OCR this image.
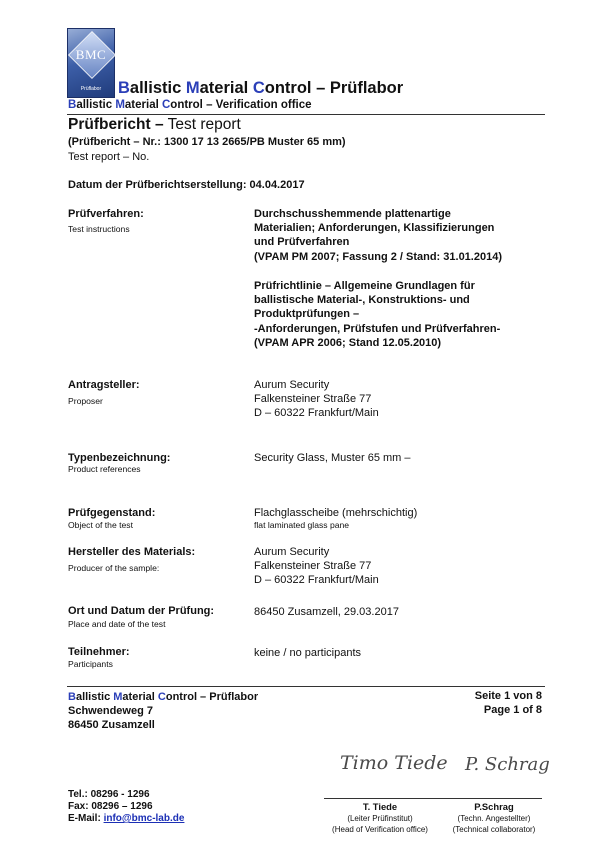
BMC
Prüflabor	Ballistic Material Control – Prüflabor
Ballistic Material Control – Verification office
Prüfbericht – Test report
(Prüfbericht – Nr.: 1300 17 13 2665/PB Muster 65 mm)
Test report – No.
Datum der Prüfberichtserstellung: 04.04.2017
Prüfverfahren:
Test instructions
Durchschusshemmende plattenartige
Materialien; Anforderungen, Klassifizierungen
und Prüfverfahren
(VPAM PM 2007; Fassung 2 / Stand: 31.01.2014)
Prüfrichtlinie – Allgemeine Grundlagen für
ballistische Material-, Konstruktions- und
Produktprüfungen –
-Anforderungen, Prüfstufen und Prüfverfahren-
(VPAM APR 2006; Stand 12.05.2010)
Antragsteller:
Proposer
Aurum Security
Falkensteiner Straße 77
D – 60322 Frankfurt/Main
Typenbezeichnung:
Product references
Security Glass, Muster 65 mm –
Prüfgegenstand:
Object of the test
Flachglasscheibe (mehrschichtig)
flat laminated glass pane
Hersteller des Materials:
Producer of the sample:
Aurum Security
Falkensteiner Straße 77
D – 60322 Frankfurt/Main
Ort und Datum der Prüfung:
Place and date of the test
86450 Zusamzell, 29.03.2017
Teilnehmer:
Participants
keine / no participants
Ballistic Material Control – Prüflabor
Schwendeweg 7
86450 Zusamzell
Seite 1 von 8
Page 1 of 8
Timo Tiede P. Schrag
T. Tiede	P.Schrag
(Leiter Prüfinstitut)	(Techn. Angestellter)
(Head of Verification office)	(Technical collaborator)
Tel.: 08296 - 1296
Fax: 08296 – 1296
E-Mail: info@bmc-lab.de
